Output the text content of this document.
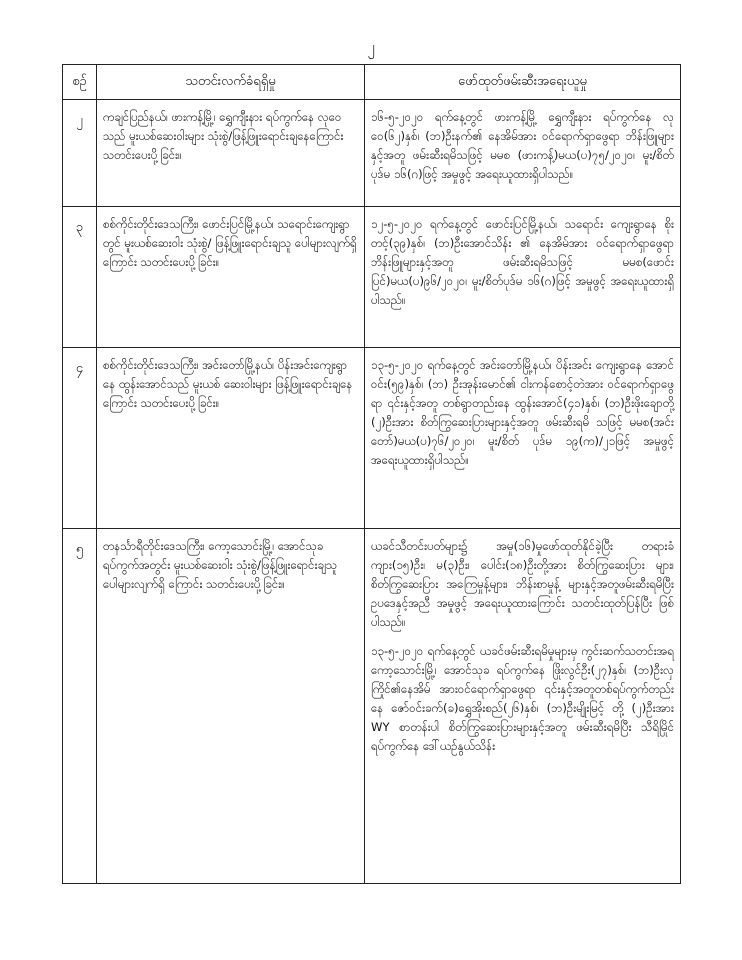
၂
စဉ်	သတင်းလက်ခံရရှိမှု	ဖော်ထုတ်ဖမ်းဆီးအရေးယူမှု
၂	ကချင်ပြည်နယ်၊ ဖားကန့်မြို့၊ ရွှေကျီးနား ရပ်ကွက်နေ လုဝေသည် မူးယစ်ဆေးဝါးများ သုံးစွဲ/ဖြန့်ဖြူးရောင်းချနေကြောင်း သတင်းပေးပို့ခြင်း။	၁၆-၅-၂၀၂၀ ရက်နေ့တွင် ဖားကန့်မြို့ ရွှေကျီးနား ရပ်ကွက်နေ လုဝေ(၆၂)နှစ်၊ (ဘ)ဦးနက်၏ နေအိမ်အား ဝင်ရောက်ရှာဖွေရာ ဘိန်းဖြူများနှင့်အတူ ဖမ်းဆီးရမိသဖြင့် မမစ (ဖားကန့်)မယ(ပ)၇၅/၂၀၂၀၊ မူး/စိတ်ပုဒ်မ ၁၆(ဂ)ဖြင့် အမှုဖွင့် အရေးယူထားရှိပါသည်။

၃	စစ်ကိုင်းတိုင်းဒေသကြီး၊ ဖောင်းပြင်မြို့နယ်၊ သရောင်းကျေးရွာတွင် မူးယစ်ဆေးဝါး သုံးစွဲ/ ဖြန့်ဖြူးရောင်းချသူ ပေါများလျက်ရှိကြောင်း သတင်းပေးပို့ခြင်း။	၁၂-၅-၂၀၂၀ ရက်နေ့တွင် ဖောင်းပြင်မြို့နယ်၊ သရောင်း ကျေးရွာနေ စိုးတင့်(၃၉)နှစ်၊ (ဘ)ဦးအောင်သိန်း ၏ နေအိမ်အား ဝင်ရောက်ရှာဖွေရာ ဘိန်းဖြူများနှင့်အတူ ဖမ်းဆီးရမိသဖြင့် မမစ(ဖောင်းပြင်)မယ(ပ)၉၆/၂၀၂၀၊ မူး/စိတ်ပုဒ်မ ၁၆(ဂ)ဖြင့် အမှုဖွင့် အရေးယူထားရှိပါသည်။

၄	စစ်ကိုင်းတိုင်းဒေသကြီး၊ အင်းတော်မြို့နယ်၊ ပိန်းအင်းကျေးရွာနေ ထွန်းအောင်သည် မူးယစ် ဆေးဝါးများ ဖြန့်ဖြူးရောင်းချနေကြောင်း သတင်းပေးပို့ခြင်း။	၁၃-၅-၂၀၂၀ ရက်နေ့တွင် အင်းတော်မြို့နယ်၊ ပိန်းအင်း ကျေးရွာနေ အောင်ဝင်း(၅၉)နှစ်၊ (ဘ) ဦးအုန်းမောင်၏ ငါးကန်စောင့်တဲအား ဝင်ရောက်ရှာဖွေရာ ၎င်းနှင့်အတူ တစ်ရွာတည်းနေ ထွန်းအောင်(၄၁)နှစ်၊ (ဘ)ဦးဖိုးချောတို့ (၂)ဦးအား စိတ်ကြွဆေးပြားများနှင့်အတူ ဖမ်းဆီးရမိ သဖြင့် မမစ(အင်းတော်)မယ(ပ)၇၆/၂၀၂၀၊ မူး/စိတ် ပုဒ်မ ၁၉(က)/၂၁ဖြင့် အမှုဖွင့် အရေးယူထားရှိပါသည်။

၅	တနင်္သာရီတိုင်းဒေသကြီး၊ ကော့သောင်းမြို့၊ အောင်သုခရပ်ကွက်အတွင်း မူးယစ်ဆေးဝါး သုံးစွဲ/ဖြန့်ဖြူးရောင်းချသူ ပေါများလျက်ရှိ ကြောင်း သတင်းပေးပို့ခြင်း။	ယခင်သီတင်းပတ်များ၌ အမှု(၁၆)မှုဖော်ထုတ်နိုင်ခဲ့ပြီး တရားခံ ကျား(၁၅)ဦး၊ မ(၃)ဦး၊ ပေါင်း(၁၈)ဦးတို့အား စိတ်ကြွဆေးပြား များ၊ စိတ်ကြွဆေးပြား အကြေမှုန့်များ၊ ဘိန်းစာမှုန့် များနှင့်အတူဖမ်းဆီးရမိပြီး ဥပဒေနှင့်အညီ အမှုဖွင့် အရေးယူထားကြောင်း သတင်းထုတ်ပြန်ပြီး ဖြစ်ပါသည်။

၁၃-၅-၂၀၂၀ ရက်နေ့တွင် ယခင်ဖမ်းဆီးရမိမှုများမှ ကွင်းဆက်သတင်းအရ ကော့သောင်းမြို့၊ အောင်သုခ ရပ်ကွက်နေ ဖြိုးလွင်ဦး(၂၇)နှစ်၊ (ဘ)ဦးလှကြိုင်၏နေအိမ် အားဝင်ရောက်ရှာဖွေရာ ၎င်းနှင့်အတူတစ်ရပ်ကွက်တည်းနေ ဇော်ဝင်းခက်(ခ)ရွှေအိုးစည်(၂၆)နှစ်၊ (ဘ)ဦးမျိုးမြင့် တို့ (၂)ဦးအား WY စာတန်းပါ စိတ်ကြွဆေးပြားများနှင့်အတူ ဖမ်းဆီးရမိပြီး သီရိမြိုင် ရပ်ကွက်နေ ဒေါ်ယဉ်နွယ်သိန်း
